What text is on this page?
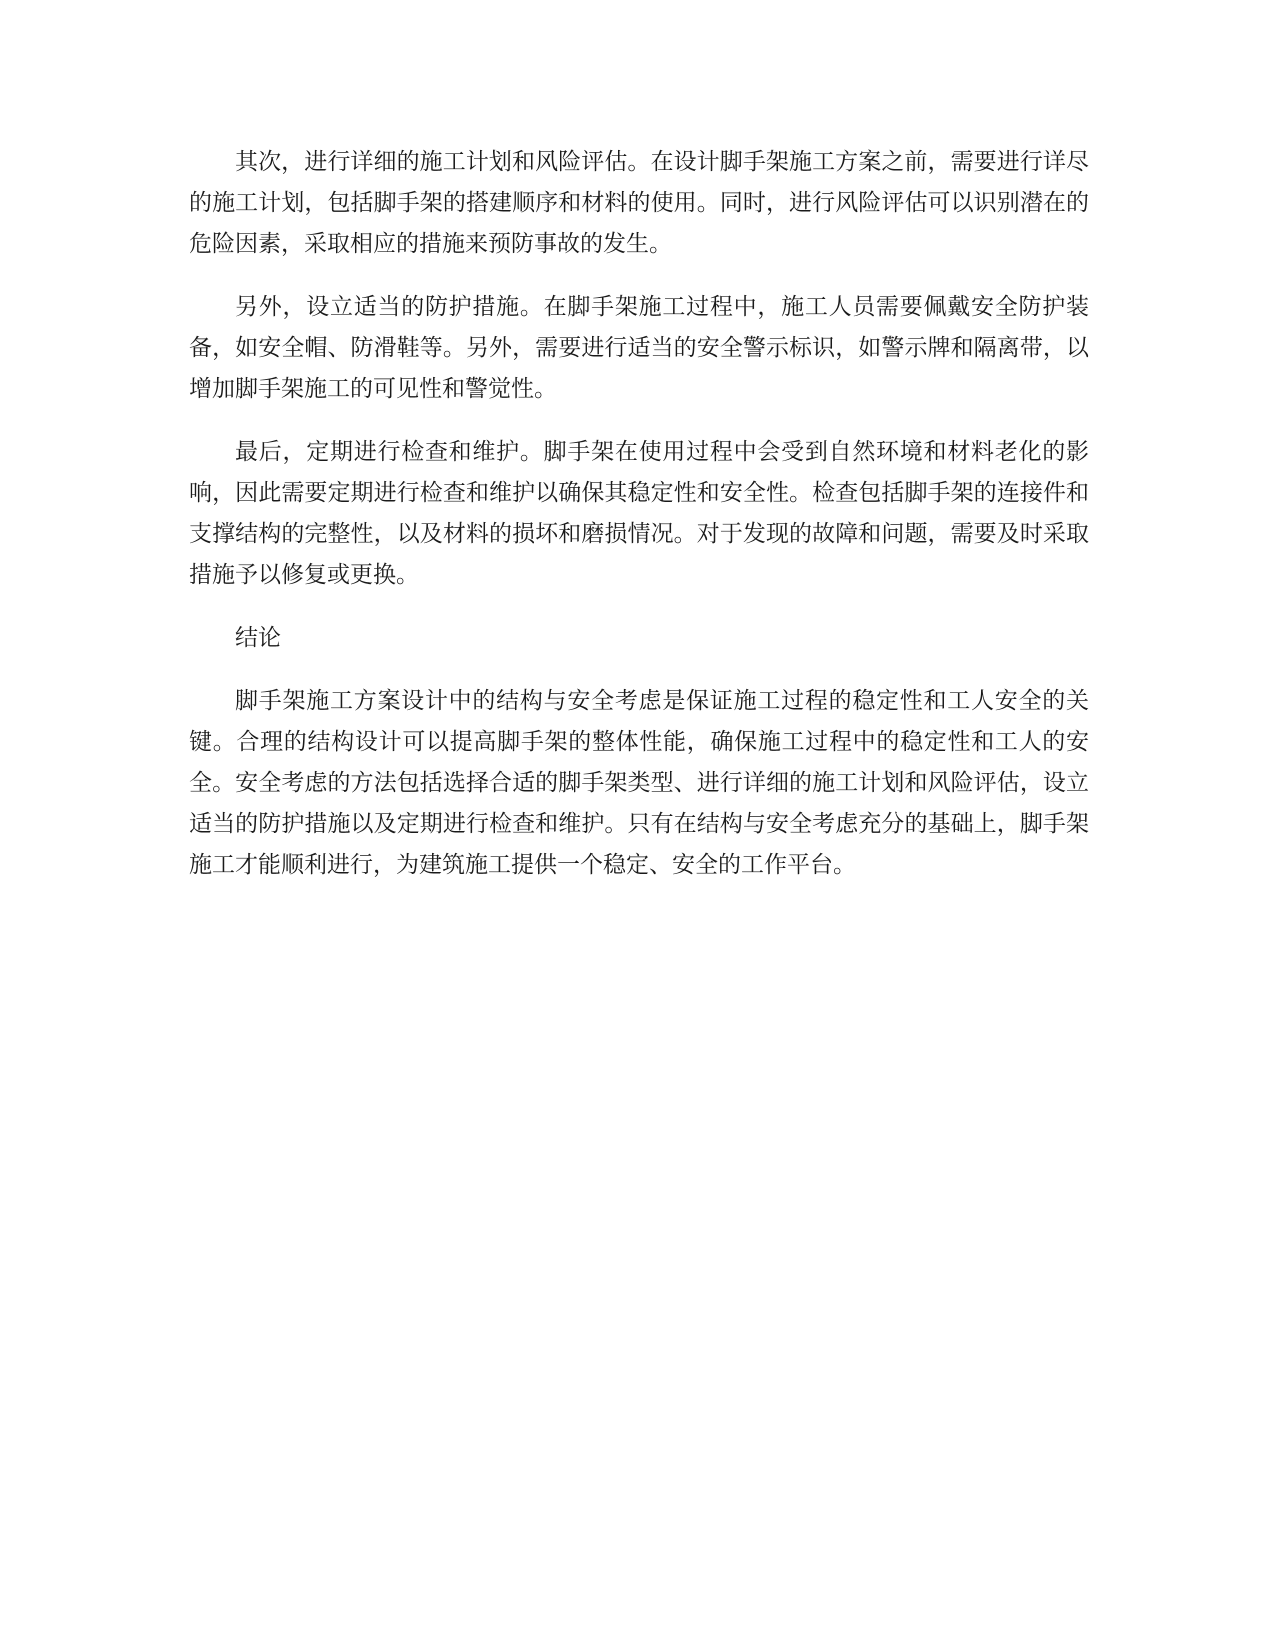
其次，进行详细的施工计划和风险评估。在设计脚手架施工方案之前，需要进行详尽的施工计划，包括脚手架的搭建顺序和材料的使用。同时，进行风险评估可以识别潜在的危险因素，采取相应的措施来预防事故的发生。

另外，设立适当的防护措施。在脚手架施工过程中，施工人员需要佩戴安全防护装备，如安全帽、防滑鞋等。另外，需要进行适当的安全警示标识，如警示牌和隔离带，以增加脚手架施工的可见性和警觉性。

最后，定期进行检查和维护。脚手架在使用过程中会受到自然环境和材料老化的影响，因此需要定期进行检查和维护以确保其稳定性和安全性。检查包括脚手架的连接件和支撑结构的完整性，以及材料的损坏和磨损情况。对于发现的故障和问题，需要及时采取措施予以修复或更换。

结论

脚手架施工方案设计中的结构与安全考虑是保证施工过程的稳定性和工人安全的关键。合理的结构设计可以提高脚手架的整体性能，确保施工过程中的稳定性和工人的安全。安全考虑的方法包括选择合适的脚手架类型、进行详细的施工计划和风险评估，设立适当的防护措施以及定期进行检查和维护。只有在结构与安全考虑充分的基础上，脚手架施工才能顺利进行，为建筑施工提供一个稳定、安全的工作平台。
